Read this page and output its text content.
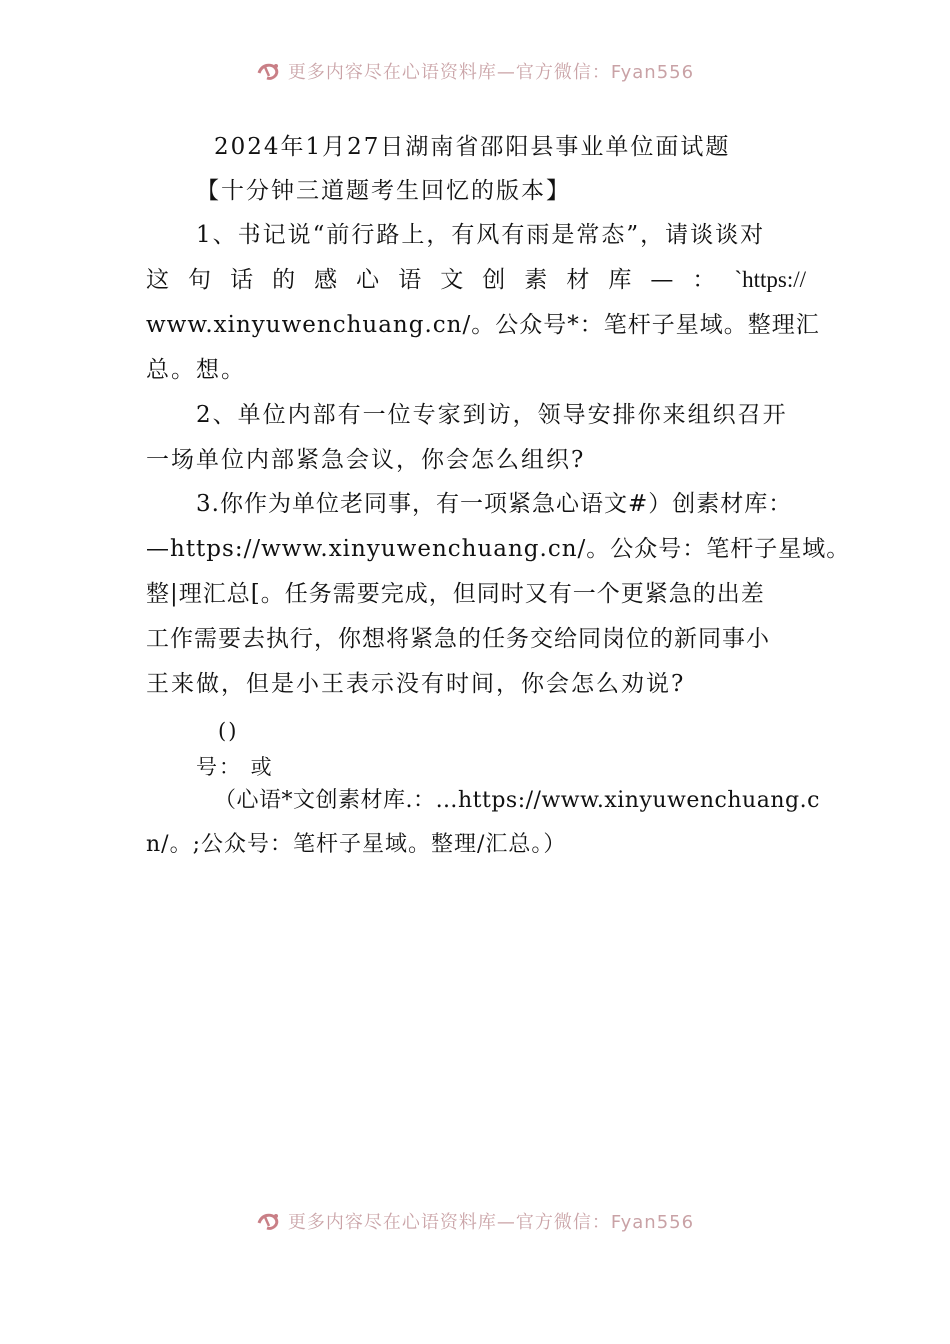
更多内容尽在心语资料库—官方微信：Fyan556
2024年1月27日湖南省邵阳县事业单位面试题
【十分钟三道题考生回忆的版本】
1、书记说“前行路上，有风有雨是常态”，请谈谈对
这 句 话 的 感 心 语 文 创 素 材 库 — ： `https://
www.xinyuwenchuang.cn/。公众号*：笔杆子星域。整理汇
总。想。
2、单位内部有一位专家到访，领导安排你来组织召开
一场单位内部紧急会议，你会怎么组织?
3.你作为单位老同事，有一项紧急心语文#）创素材库：
—https://www.xinyuwenchuang.cn/。公众号：笔杆子星域。
整|理汇总[。任务需要完成，但同时又有一个更紧急的出差
工作需要去执行，你想将紧急的任务交给同岗位的新同事小
王来做，但是小王表示没有时间，你会怎么劝说?
()
号： 或
（心语*文创素材库.：…https://www.xinyuwenchuang.c
n/。;公众号：笔杆子星域。整理/汇总。）
更多内容尽在心语资料库—官方微信：Fyan556
